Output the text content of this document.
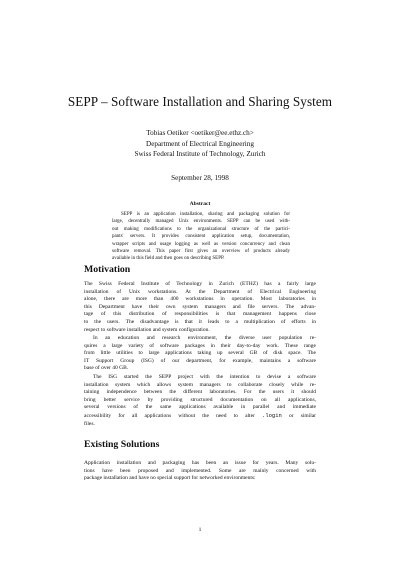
SEPP – Software Installation and Sharing System
Tobias Oetiker <oetiker@ee.ethz.ch>
Department of Electrical Engineering
Swiss Federal Institute of Technology, Zurich
September 28, 1998
Abstract
SEPP is an application installation, sharing and packaging solution for
large, decentrally managed Unix environments. SEPP can be used with-
out making modifications to the organizational structure of the partici-
pants' servers. It provides consistent application setup, documentation,
wrapper scripts and usage logging as well as version concurrency and clean
software removal. This paper first gives an overview of products already
available in this field and then goes on describing SEPP.
Motivation
The Swiss Federal Institute of Technology in Zurich (ETHZ) has a fairly large
installation of Unix workstations. At the Department of Electrical Engineering
alone, there are more than 400 workstations in operation. Most laboratories in
this Department have their own system managers and file servers. The advan-
tage of this distribution of responsibilities is that management happens close
to the users. The disadvantage is that it leads to a multiplication of efforts in
respect to software installation and system configuration.
In an education and research environment, the diverse user population re-
quires a large variety of software packages in their day-to-day work. These range
from little utilities to large applications taking up several GB of disk space. The
IT Support Group (ISG) of our department, for example, maintains a software
base of over 40 GB.
The ISG started the SEPP project with the intention to devise a software
installation system which allows system managers to collaborate closely while re-
taining independence between the different laboratories. For the users it should
bring better service by providing structured documentation on all applications,
several versions of the same applications available in parallel and immediate
accessibility for all applications without the need to alter .login or similar
files.
Existing Solutions
Application installation and packaging has been an issue for years. Many solu-
tions have been proposed and implemented. Some are mainly concerned with
package installation and have no special support for networked environments:
1
